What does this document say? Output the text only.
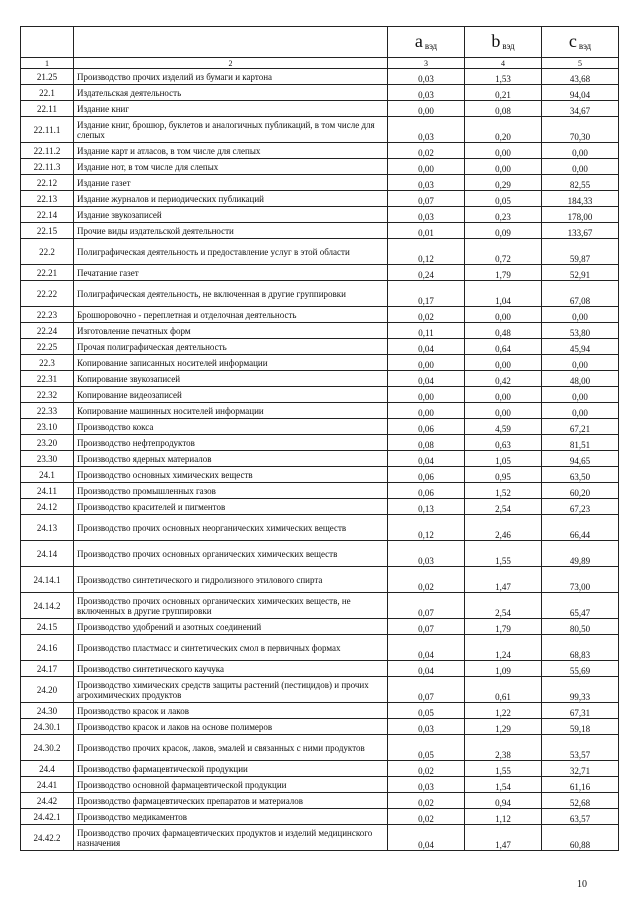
		a вэд	b вэд	c вэд
1	2	3	4	5
21.25	Производство прочих изделий из бумаги и картона	0,03	1,53	43,68
22.1	Издательская деятельность	0,03	0,21	94,04
22.11	Издание книг	0,00	0,08	34,67
22.11.1	Издание книг, брошюр, буклетов и аналогичных публикаций, в том числе для слепых	0,03	0,20	70,30
22.11.2	Издание карт и атласов, в том числе для слепых	0,02	0,00	0,00
22.11.3	Издание нот, в том числе для слепых	0,00	0,00	0,00
22.12	Издание газет	0,03	0,29	82,55
22.13	Издание журналов и периодических публикаций	0,07	0,05	184,33
22.14	Издание звукозаписей	0,03	0,23	178,00
22.15	Прочие виды издательской деятельности	0,01	0,09	133,67
22.2	Полиграфическая деятельность и предоставление услуг в этой области	0,12	0,72	59,87
22.21	Печатание газет	0,24	1,79	52,91
22.22	Полиграфическая деятельность, не включенная в другие группировки	0,17	1,04	67,08
22.23	Брошюровочно - переплетная и отделочная деятельность	0,02	0,00	0,00
22.24	Изготовление печатных форм	0,11	0,48	53,80
22.25	Прочая полиграфическая деятельность	0,04	0,64	45,94
22.3	Копирование записанных носителей информации	0,00	0,00	0,00
22.31	Копирование звукозаписей	0,04	0,42	48,00
22.32	Копирование видеозаписей	0,00	0,00	0,00
22.33	Копирование машинных носителей информации	0,00	0,00	0,00
23.10	Производство кокса	0,06	4,59	67,21
23.20	Производство нефтепродуктов	0,08	0,63	81,51
23.30	Производство ядерных материалов	0,04	1,05	94,65
24.1	Производство основных химических веществ	0,06	0,95	63,50
24.11	Производство промышленных газов	0,06	1,52	60,20
24.12	Производство красителей и пигментов	0,13	2,54	67,23
24.13	Производство прочих основных неорганических химических веществ	0,12	2,46	66,44
24.14	Производство прочих основных органических химических веществ	0,03	1,55	49,89
24.14.1	Производство синтетического и гидролизного этилового спирта	0,02	1,47	73,00
24.14.2	Производство прочих основных органических химических веществ, не включенных в другие группировки	0,07	2,54	65,47
24.15	Производство удобрений и азотных соединений	0,07	1,79	80,50
24.16	Производство пластмасс и синтетических смол в первичных формах	0,04	1,24	68,83
24.17	Производство синтетического каучука	0,04	1,09	55,69
24.20	Производство химических средств защиты растений (пестицидов) и прочих агрохимических продуктов	0,07	0,61	99,33
24.30	Производство красок и лаков	0,05	1,22	67,31
24.30.1	Производство красок и лаков на основе полимеров	0,03	1,29	59,18
24.30.2	Производство прочих красок, лаков, эмалей и связанных с ними продуктов	0,05	2,38	53,57
24.4	Производство фармацевтической продукции	0,02	1,55	32,71
24.41	Производство основной фармацевтической продукции	0,03	1,54	61,16
24.42	Производство фармацевтических препаратов и материалов	0,02	0,94	52,68
24.42.1	Производство медикаментов	0,02	1,12	63,57
24.42.2	Производство прочих фармацевтических продуктов и изделий медицинского назначения	0,04	1,47	60,88
10
